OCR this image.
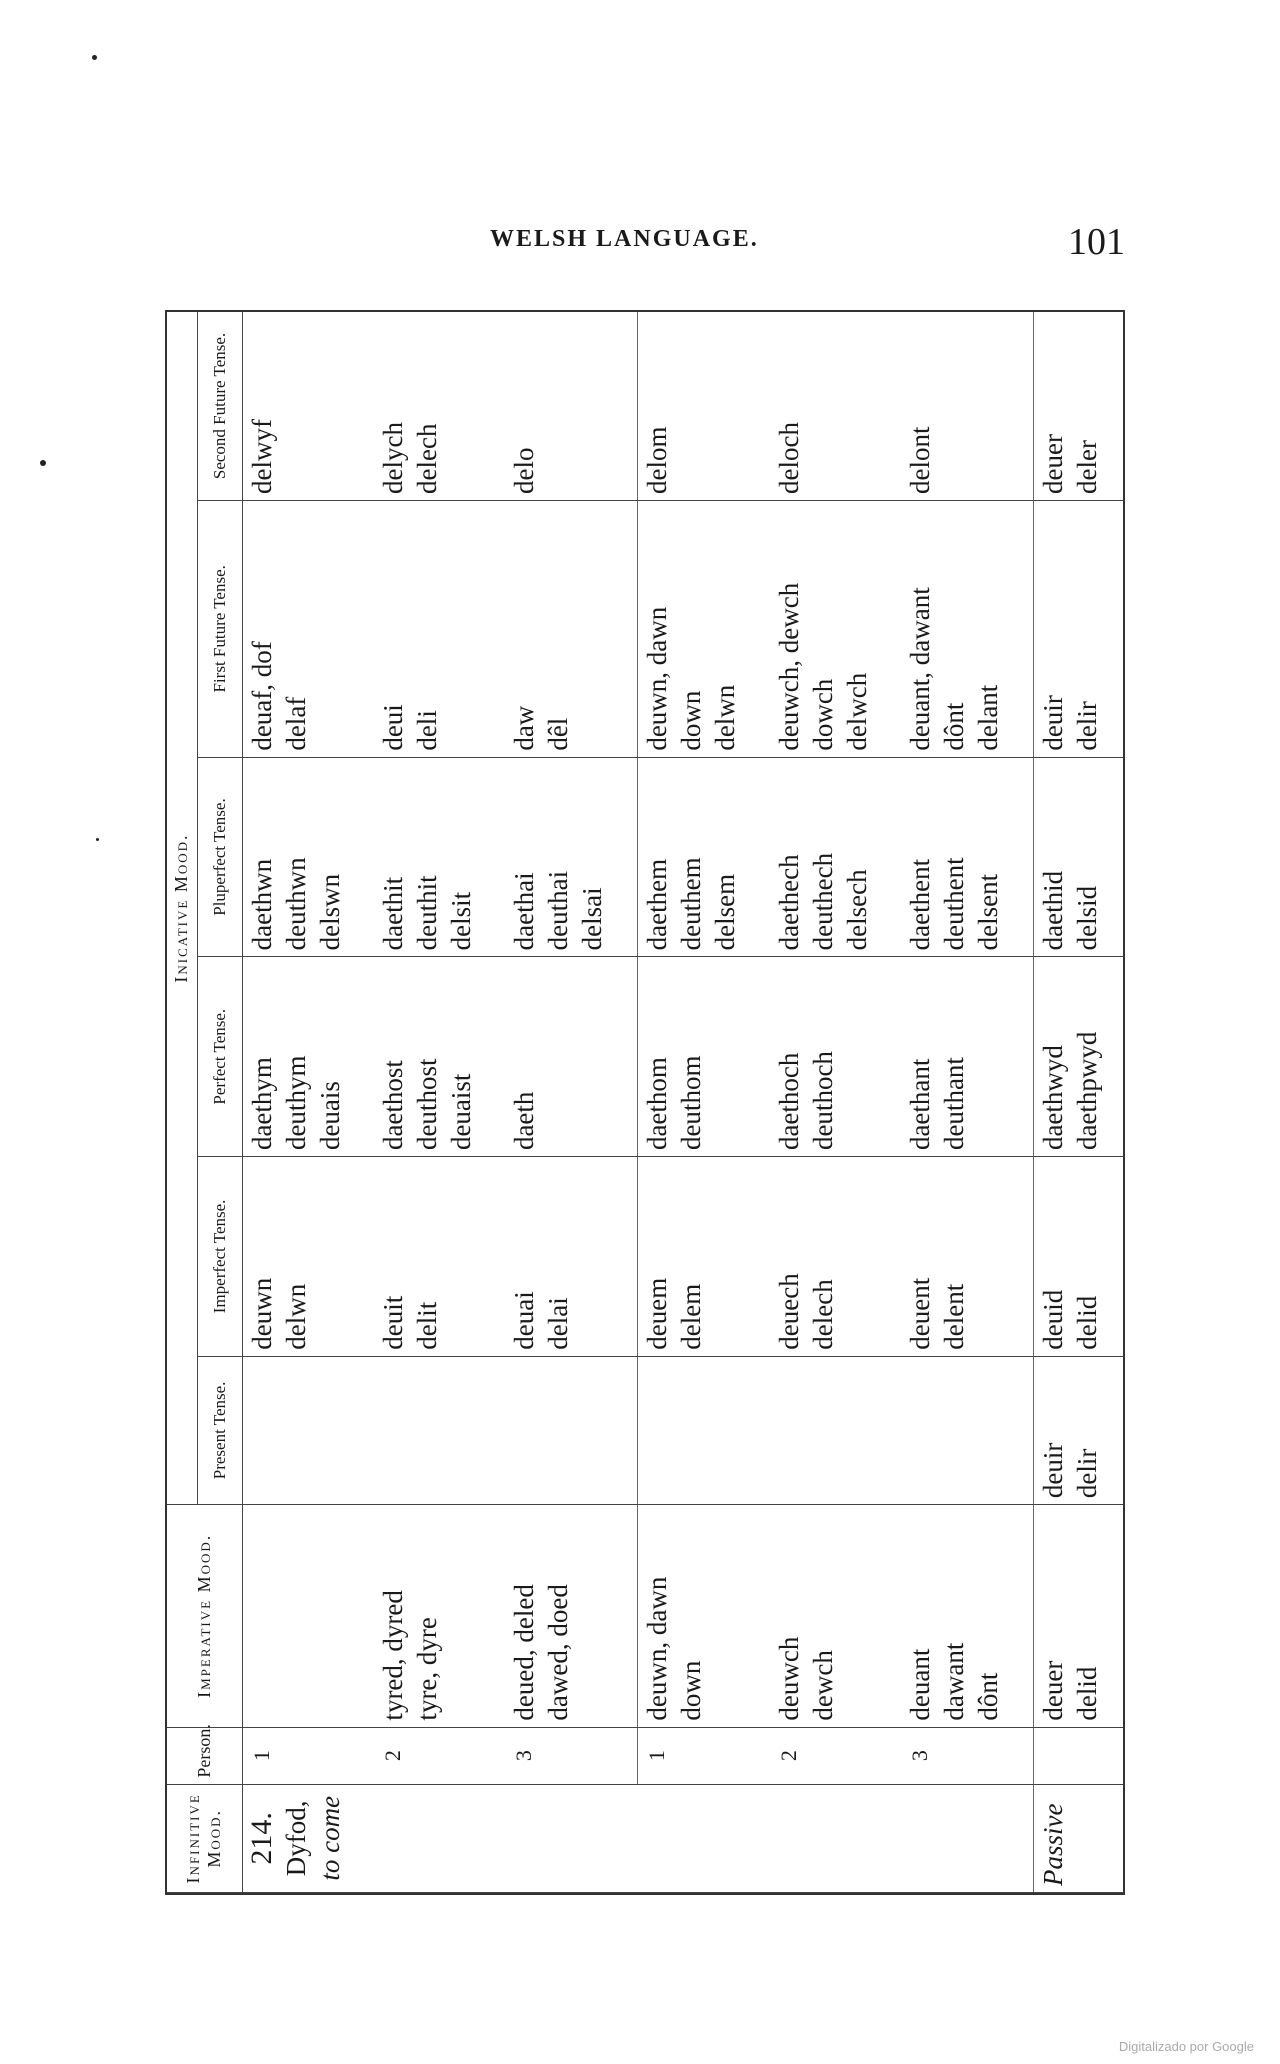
WELSH LANGUAGE.	101
Infinitive Mood.	Person.	Imperative Mood.	Inicative Mood.					
			Present Tense.	Imperfect Tense.	Perfect Tense.	Pluperfect Tense.	First Future Tense.	Second Future Tense.

214. Dyfod, to come	1			deuwn delwn	daethym deuthym deuais	daethwn deuthwn delswn	deuaf, dof delaf	delwyf
	2	tyred, dyred tyre, dyre		deuit delit	daethost deuthost deuaist	daethit deuthit delsit	deui deli	delych delech
	3	deued, deled dawed, doed		deuai delai	daeth	daethai deuthai delsai	daw dêl	delo
	1	deuwn, dawn down		deuem delem	daethom deuthom	daethem deuthem delsem	deuwn, dawn down delwn	delom
	2	deuwch dewch		deuech delech	daethoch deuthoch	daethech deuthech delsech	deuwch, dewch dowch delwch	deloch
	3	deuant dawant dônt		deuent delent	daethant deuthant	daethent deuthent delsent	deuant, dawant dônt delant	delont
Passive		deuer delid	deuir delir	deuid delid	daethwyd daethpwyd	daethid delsid	deuir delir	deuer deler
Digitalizado por Google
